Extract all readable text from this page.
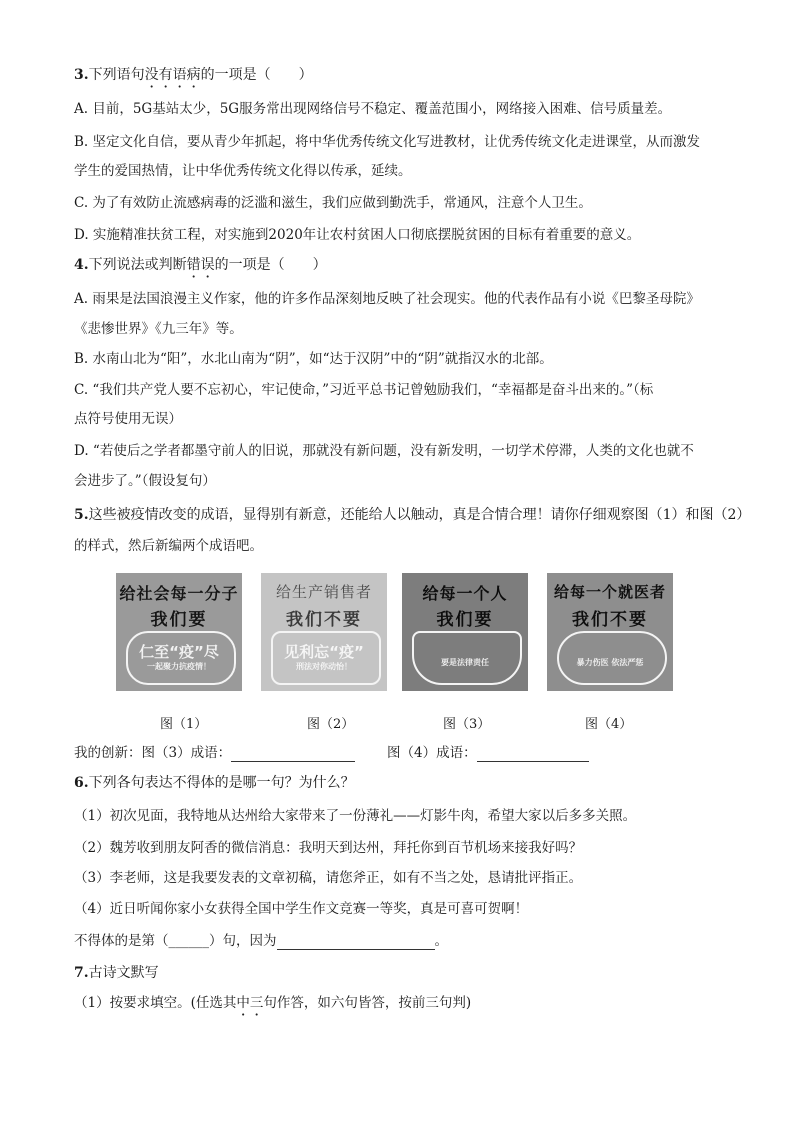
3.下列语句没有语病的一项是（　　）
A. 目前，5G基站太少，5G服务常出现网络信号不稳定、覆盖范围小，网络接入困难、信号质量差。
B. 坚定文化自信，要从青少年抓起，将中华优秀传统文化写进教材，让优秀传统文化走进课堂，从而激发
学生的爱国热情，让中华优秀传统文化得以传承，延续。
C. 为了有效防止流感病毒的泛滥和滋生，我们应做到勤洗手，常通风，注意个人卫生。
D. 实施精准扶贫工程，对实施到2020年让农村贫困人口彻底摆脱贫困的目标有着重要的意义。
4.下列说法或判断错误的一项是（　　）
A. 雨果是法国浪漫主义作家，他的许多作品深刻地反映了社会现实。他的代表作品有小说《巴黎圣母院》
《悲惨世界》《九三年》等。
B. 水南山北为“阳”，水北山南为“阴”，如“达于汉阴”中的“阴”就指汉水的北部。
C. “我们共产党人要不忘初心，牢记使命，”习近平总书记曾勉励我们，“幸福都是奋斗出来的。”（标
点符号使用无误）
D. “若使后之学者都墨守前人的旧说，那就没有新问题，没有新发明，一切学术停滞，人类的文化也就不
会进步了。”（假设复句）
5.这些被疫情改变的成语，显得别有新意，还能给人以触动，真是合情合理！请你仔细观察图（1）和图（2）
的样式，然后新编两个成语吧。
给社会每一分子
我们要
仁至“疫”尽
一起聚力抗疫情！
给生产销售者
我们不要
见利忘“疫”
刑法对你动怡！
给每一个人
我们要
要是法律责任
给每一个就医者
我们不要
暴力伤医 依法严惩
图（1）	图（2）	图（3）	图（4）
我的创新：图（3）成语：	图（4）成语：
6.下列各句表达不得体的是哪一句？为什么？
（1）初次见面，我特地从达州给大家带来了一份薄礼——灯影牛肉，希望大家以后多多关照。
（2）魏芳收到朋友阿香的微信消息：我明天到达州，拜托你到百节机场来接我好吗？
（3）李老师，这是我要发表的文章初稿，请您斧正，如有不当之处，恳请批评指正。
（4）近日听闻你家小女获得全国中学生作文竞赛一等奖，真是可喜可贺啊！
不得体的是第（______）句，因为	。
7.古诗文默写
（1）按要求填空。(任选其中三句作答，如六句皆答，按前三句判)
